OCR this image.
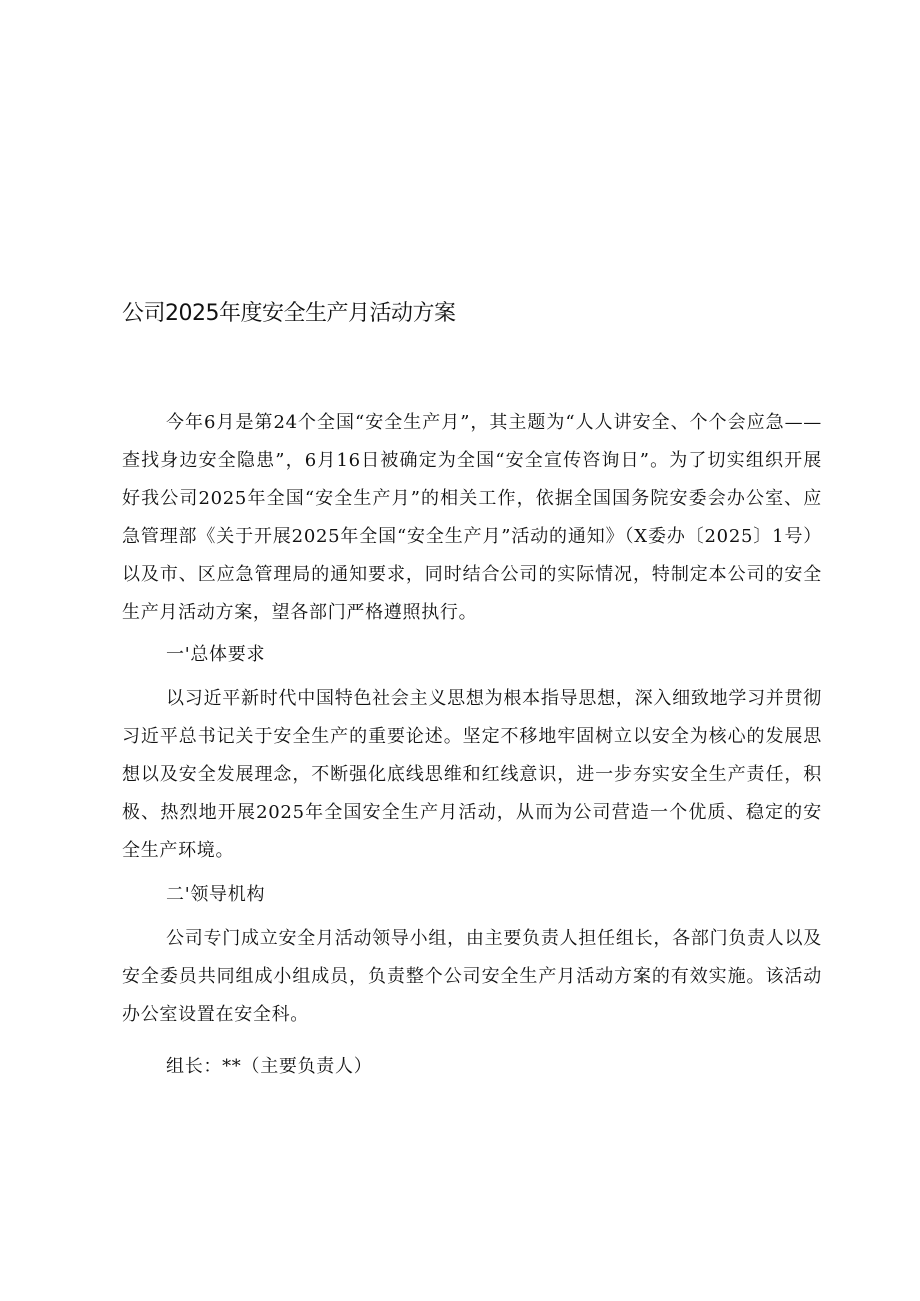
公司2025年度安全生产月活动方案

今年6月是第24个全国“安全生产月”，其主题为“人人讲安全、个个会应急——查找身边安全隐患”，6月16日被确定为全国“安全宣传咨询日”。为了切实组织开展好我公司2025年全国“安全生产月”的相关工作，依据全国国务院安委会办公室、应急管理部《关于开展2025年全国“安全生产月”活动的通知》（X委办〔2025〕1号）以及市、区应急管理局的通知要求，同时结合公司的实际情况，特制定本公司的安全生产月活动方案，望各部门严格遵照执行。

一'总体要求

以习近平新时代中国特色社会主义思想为根本指导思想，深入细致地学习并贯彻习近平总书记关于安全生产的重要论述。坚定不移地牢固树立以安全为核心的发展思想以及安全发展理念，不断强化底线思维和红线意识，进一步夯实安全生产责任，积极、热烈地开展2025年全国安全生产月活动，从而为公司营造一个优质、稳定的安全生产环境。

二'领导机构

公司专门成立安全月活动领导小组，由主要负责人担任组长，各部门负责人以及安全委员共同组成小组成员，负责整个公司安全生产月活动方案的有效实施。该活动办公室设置在安全科。

组长：**（主要负责人）
